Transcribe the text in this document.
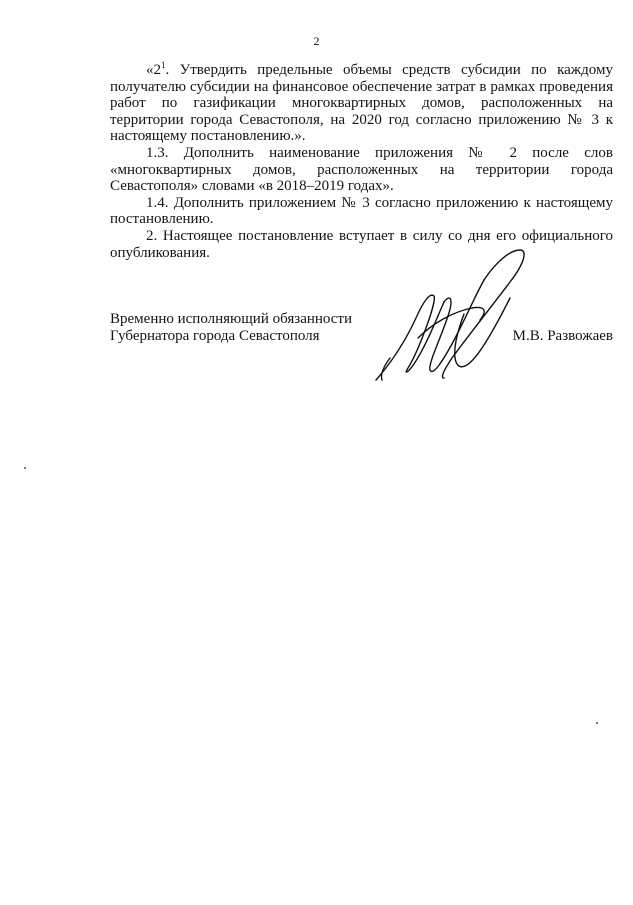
2

«$2^1$. Утвердить предельные объемы средств субсидии по каждому получателю субсидии на финансовое обеспечение затрат в рамках проведения работ по газификации многоквартирных домов, расположенных на территории города Севастополя, на 2020 год согласно приложению № 3 к настоящему постановлению.».

1.3. Дополнить наименование приложения № 2 после слов «многоквартирных домов, расположенных на территории города Севастополя» словами «в 2018–2019 годах».

1.4. Дополнить приложением № 3 согласно приложению к настоящему постановлению.

2. Настоящее постановление вступает в силу со дня его официального опубликования.

Временно исполняющий обязанности
Губернатора города Севастополя	М.В. Развожаев
